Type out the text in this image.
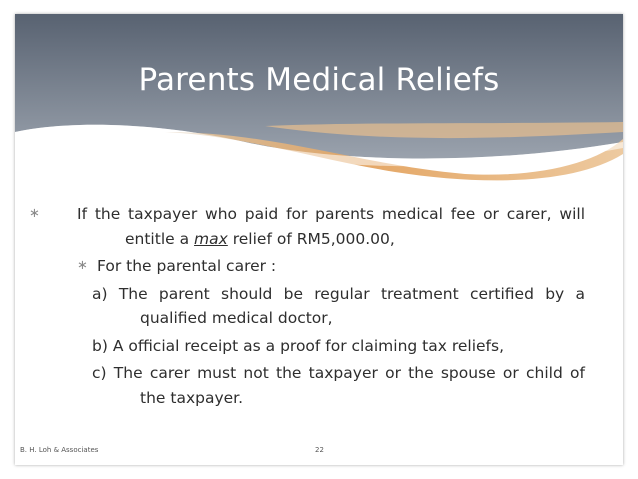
Parents Medical Reliefs

∗	If the taxpayer who paid for parents medical fee or carer, will entitle a max relief of RM5,000.00,

∗ For the parental carer :

a) The parent should be regular treatment certified by a qualified medical doctor,

b) A official receipt as a proof for claiming tax reliefs,

c) The carer must not the taxpayer or the spouse or child of the taxpayer.

B. H. Loh & Associates	22
